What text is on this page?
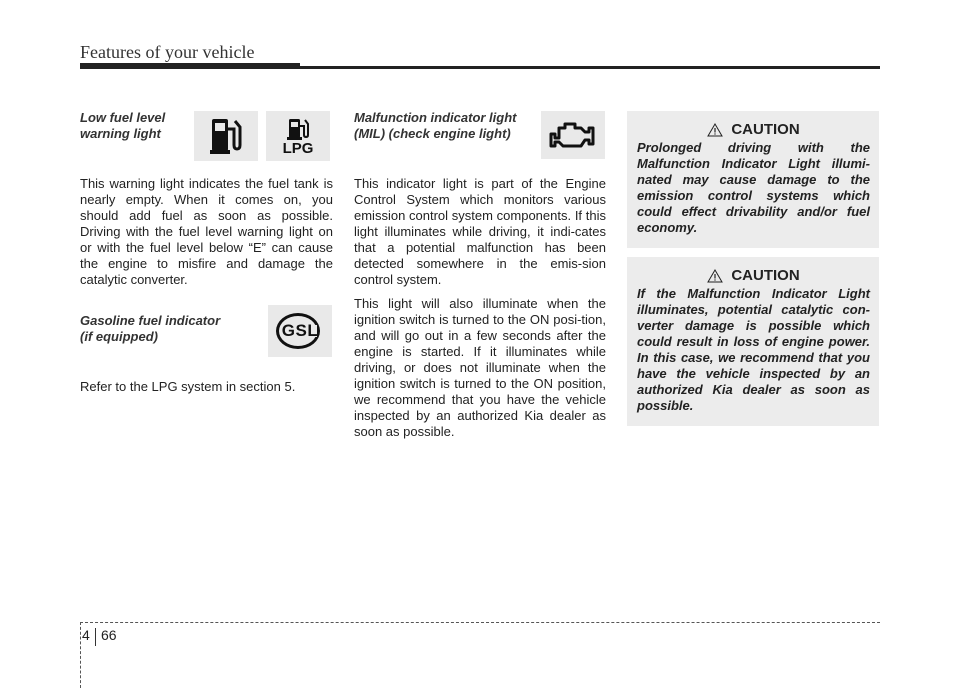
Features of your vehicle

Low fuel level
warning light

This warning light indicates the fuel tank is nearly empty. When it comes on, you should add fuel as soon as possible. Driving with the fuel level warning light on or with the fuel level below “E” can cause the engine to misfire and damage the catalytic converter.

Gasoline fuel indicator
(if equipped)

Refer to the LPG system in section 5.

LPG
GSL

Malfunction indicator light
(MIL) (check engine light)

This indicator light is part of the Engine Control System which monitors various emission control system components. If this light illuminates while driving, it indi-cates that a potential malfunction has been detected somewhere in the emis-sion control system.

This light will also illuminate when the ignition switch is turned to the ON posi-tion, and will go out in a few seconds after the engine is started. If it illuminates while driving, or does not illuminate when the ignition switch is turned to the ON position, we recommend that you have the vehicle inspected by an authorized Kia dealer as soon as possible.

CAUTION

Prolonged driving with the Malfunction Indicator Light illumi-nated may cause damage to the emission control systems which could effect drivability and/or fuel economy.

CAUTION

If the Malfunction Indicator Light illuminates, potential catalytic con-verter damage is possible which could result in loss of engine power. In this case, we recommend that you have the vehicle inspected by an authorized Kia dealer as soon as possible.

4 66
